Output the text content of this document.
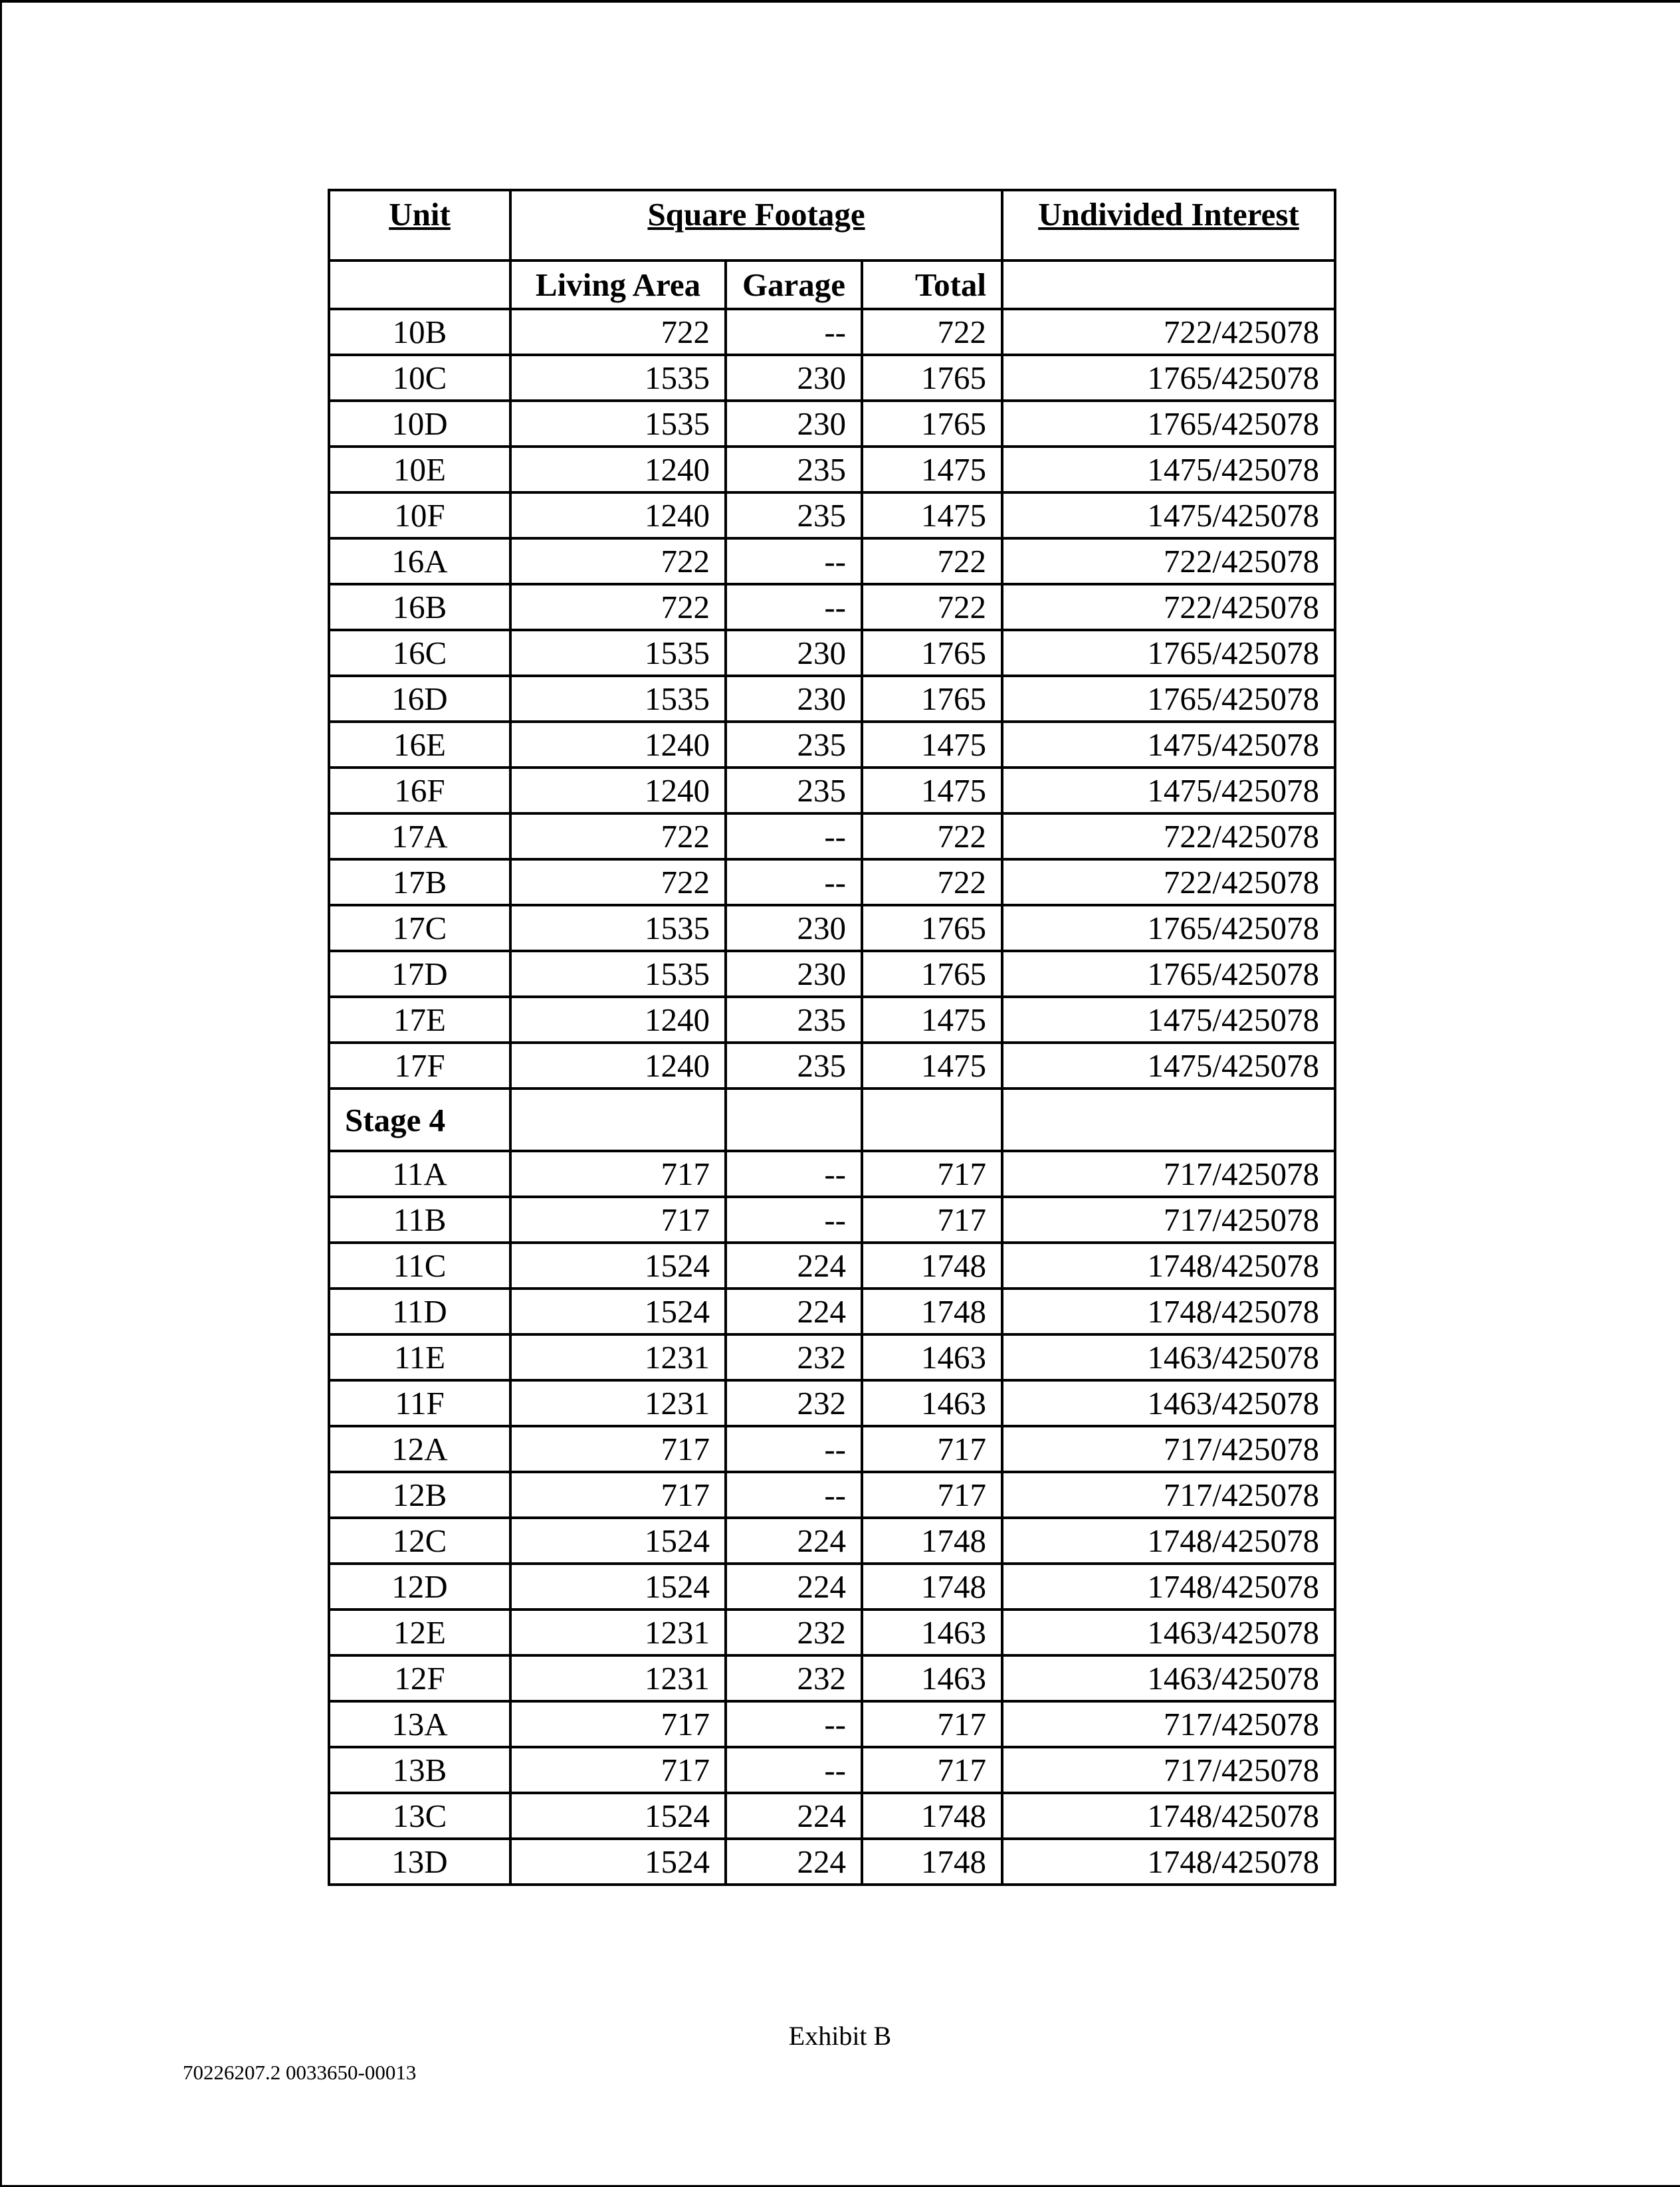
Unit	Square Footage			Undivided Interest
	Living Area	Garage	Total	
10B	722	--	722	722/425078
10C	1535	230	1765	1765/425078
10D	1535	230	1765	1765/425078
10E	1240	235	1475	1475/425078
10F	1240	235	1475	1475/425078
16A	722	--	722	722/425078
16B	722	--	722	722/425078
16C	1535	230	1765	1765/425078
16D	1535	230	1765	1765/425078
16E	1240	235	1475	1475/425078
16F	1240	235	1475	1475/425078
17A	722	--	722	722/425078
17B	722	--	722	722/425078
17C	1535	230	1765	1765/425078
17D	1535	230	1765	1765/425078
17E	1240	235	1475	1475/425078
17F	1240	235	1475	1475/425078
Stage 4				
11A	717	--	717	717/425078
11B	717	--	717	717/425078
11C	1524	224	1748	1748/425078
11D	1524	224	1748	1748/425078
11E	1231	232	1463	1463/425078
11F	1231	232	1463	1463/425078
12A	717	--	717	717/425078
12B	717	--	717	717/425078
12C	1524	224	1748	1748/425078
12D	1524	224	1748	1748/425078
12E	1231	232	1463	1463/425078
12F	1231	232	1463	1463/425078
13A	717	--	717	717/425078
13B	717	--	717	717/425078
13C	1524	224	1748	1748/425078
13D	1524	224	1748	1748/425078
Exhibit B
70226207.2 0033650-00013
